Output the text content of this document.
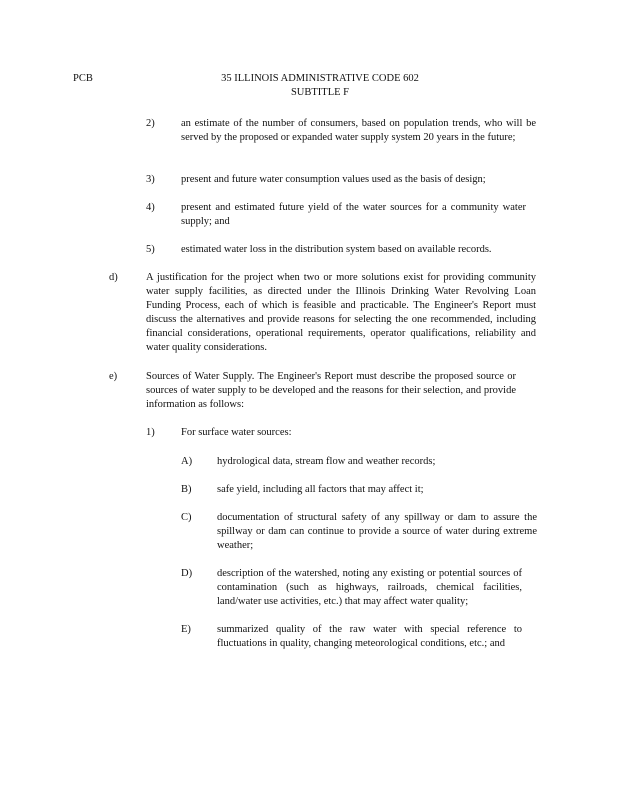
PCB	35 ILLINOIS ADMINISTRATIVE CODE 602
SUBTITLE F
2)	an estimate of the number of consumers, based on population trends, who will be served by the proposed or expanded water supply system 20 years in the future;
3)	present and future water consumption values used as the basis of design;
4)	present and estimated future yield of the water sources for a community water supply; and
5)	estimated water loss in the distribution system based on available records.
d)	A justification for the project when two or more solutions exist for providing community water supply facilities, as directed under the Illinois Drinking Water Revolving Loan Funding Process, each of which is feasible and practicable. The Engineer's Report must discuss the alternatives and provide reasons for selecting the one recommended, including financial considerations, operational requirements, operator qualifications, reliability and water quality considerations.
e)	Sources of Water Supply. The Engineer's Report must describe the proposed source or sources of water supply to be developed and the reasons for their selection, and provide information as follows:
1)	For surface water sources:
A) hydrological data, stream flow and weather records;
B) safe yield, including all factors that may affect it;
C) documentation of structural safety of any spillway or dam to assure the spillway or dam can continue to provide a source of water during extreme weather;
D) description of the watershed, noting any existing or potential sources of contamination (such as highways, railroads, chemical facilities, land/water use activities, etc.) that may affect water quality;
E) summarized quality of the raw water with special reference to fluctuations in quality, changing meteorological conditions, etc.; and
